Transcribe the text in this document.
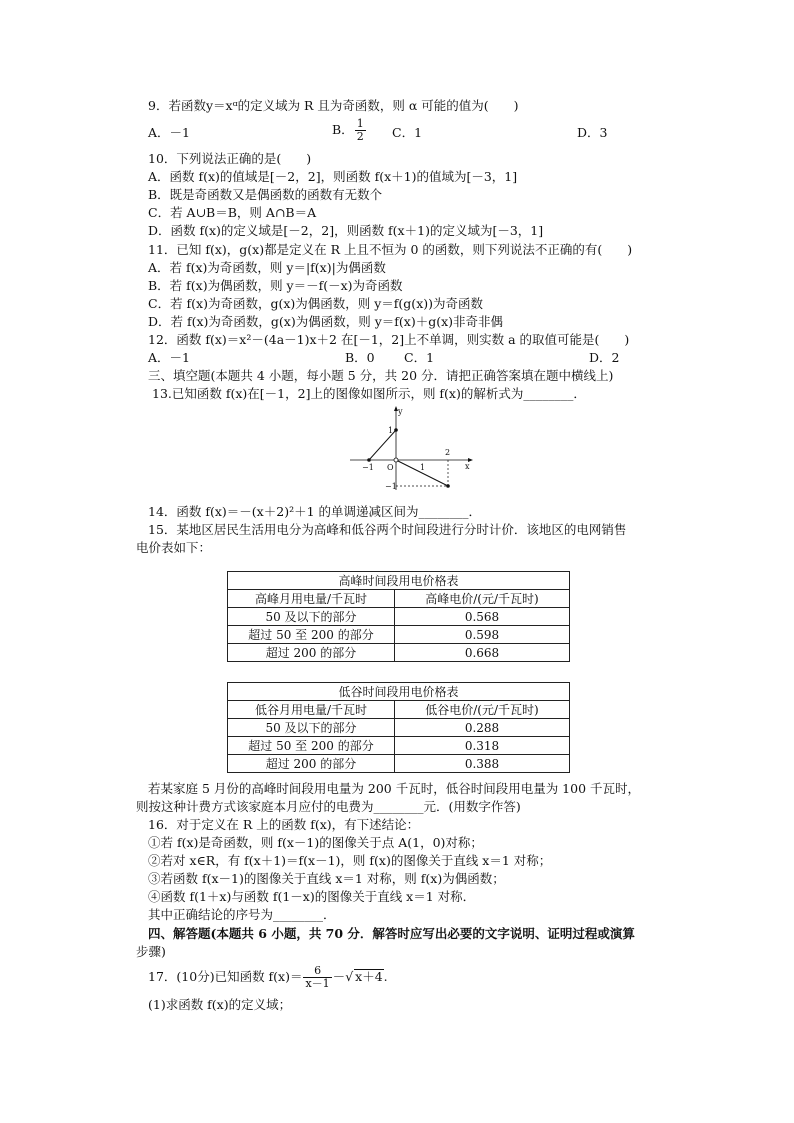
9．若函数y＝xᵅ的定义域为 R 且为奇函数，则 α 可能的值为(　　)
A．－1	B． $\frac{1}{2}$ C．1	D．3
10．下列说法正确的是(　　)
A．函数 f(x)的值域是[－2，2]，则函数 f(x＋1)的值域为[－3，1]
B．既是奇函数又是偶函数的函数有无数个
C．若 A∪B＝B，则 A∩B＝A
D．函数 f(x)的定义域是[－2，2]，则函数 f(x＋1)的定义域为[－3，1]
11．已知 f(x)，g(x)都是定义在 R 上且不恒为 0 的函数，则下列说法不正确的有(　　)
A．若 f(x)为奇函数，则 y＝|f(x)|为偶函数
B．若 f(x)为偶函数，则 y＝－f(－x)为奇函数
C．若 f(x)为奇函数，g(x)为偶函数，则 y＝f(g(x))为奇函数
D．若 f(x)为奇函数，g(x)为偶函数，则 y＝f(x)＋g(x)非奇非偶
12．函数 f(x)＝x²－(4a－1)x＋2 在[－1，2]上不单调，则实数 a 的取值可能是(　　)
A．－1	B．0 C．1	D．2
三、填空题(本题共 4 小题，每小题 5 分，共 20 分．请把正确答案填在题中横线上)
13.已知函数 f(x)在[－1，2]上的图像如图所示，则 f(x)的解析式为________．
y
x
O
1
−1
1
2
−1
14．函数 f(x)＝－(x＋2)²＋1 的单调递减区间为________．
15．某地区居民生活用电分为高峰和低谷两个时间段进行分时计价．该地区的电网销售
电价表如下：
高峰时间段用电价格表	
高峰月用电量/千瓦时	高峰电价/(元/千瓦时)
50 及以下的部分	0.568
超过 50 至 200 的部分	0.598
超过 200 的部分	0.668
低谷时间段用电价格表	
低谷月用电量/千瓦时	低谷电价/(元/千瓦时)
50 及以下的部分	0.288
超过 50 至 200 的部分	0.318
超过 200 的部分	0.388
若某家庭 5 月份的高峰时间段用电量为 200 千瓦时，低谷时间段用电量为 100 千瓦时，
则按这种计费方式该家庭本月应付的电费为________元．(用数字作答)
16．对于定义在 R 上的函数 f(x)，有下述结论：
①若 f(x)是奇函数，则 f(x－1)的图像关于点 A(1，0)对称；
②若对 x∈R，有 f(x＋1)＝f(x－1)，则 f(x)的图像关于直线 x＝1 对称；
③若函数 f(x－1)的图像关于直线 x＝1 对称，则 f(x)为偶函数；
④函数 f(1＋x)与函数 f(1－x)的图像关于直线 x＝1 对称．
其中正确结论的序号为________．
四、解答题(本题共 6 小题，共 70 分．解答时应写出必要的文字说明、证明过程或演算
步骤)
17．(10分)已知函数 $f(x)= \frac{6}{x-1}$ －√ x＋4.
(1)求函数 f(x)的定义域；
